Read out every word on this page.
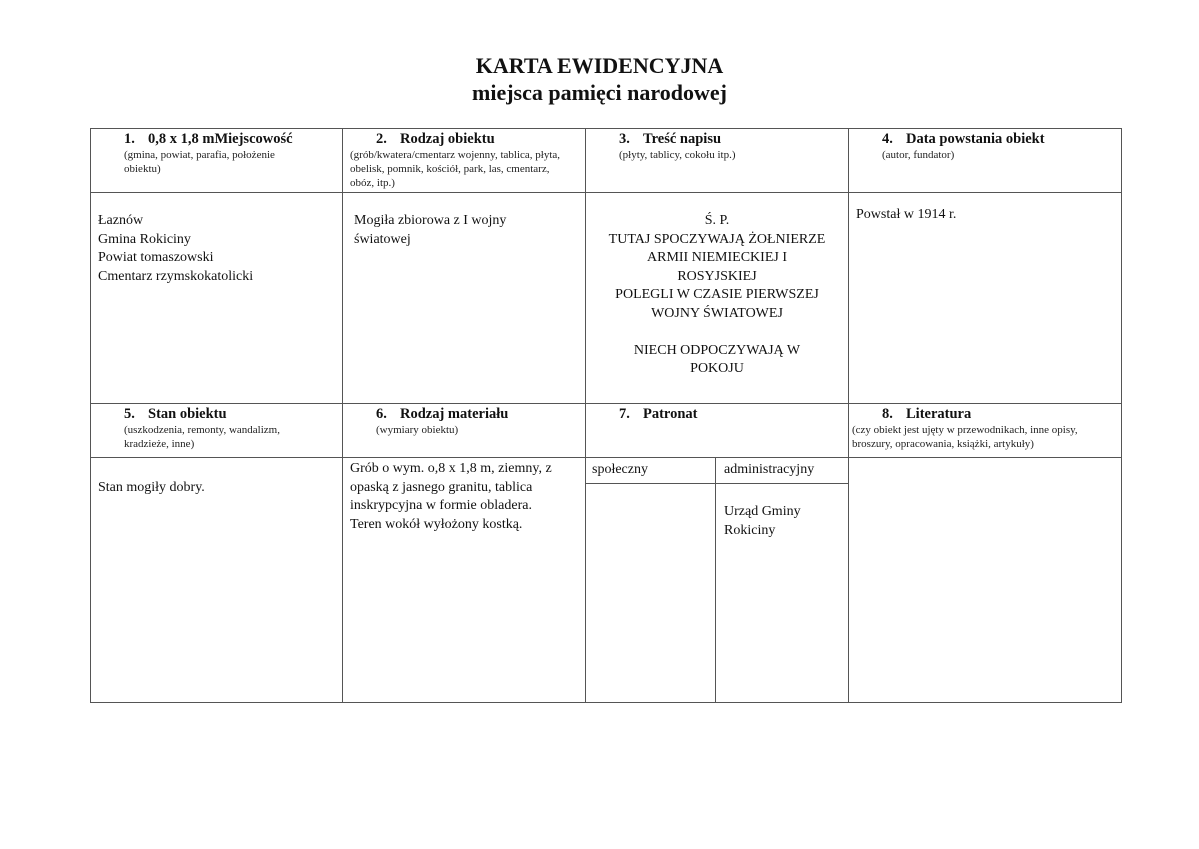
KARTA EWIDENCYJNA
miejsca pamięci narodowej
1. 0,8 x 1,8 mMiejscowość
(gmina, powiat, parafia, położenie obiektu)
2. Rodzaj obiektu
(grób/kwatera/cmentarz wojenny, tablica, płyta, obelisk, pomnik, kościół, park, las, cmentarz, obóz, itp.)
3. Treść napisu
(płyty, tablicy, cokołu itp.)
4. Data powstania obiekt
(autor, fundator)
Łaznów
Gmina Rokiciny
Powiat tomaszowski
Cmentarz rzymskokatolicki
Mogiła zbiorowa z I wojny światowej
Ś. P.
TUTAJ SPOCZYWAJĄ ŻOŁNIERZE
ARMII NIEMIECKIEJ I
ROSYJSKIEJ
POLEGLI W CZASIE PIERWSZEJ
WOJNY ŚWIATOWEJ
NIECH ODPOCZYWAJĄ W
POKOJU
Powstał w 1914 r.
5. Stan obiektu
(uszkodzenia, remonty, wandalizm, kradzieże, inne)
6. Rodzaj materiału
(wymiary obiektu)
7. Patronat	8. Literatura
(czy obiekt jest ujęty w przewodnikach, inne opisy, broszury, opracowania, książki, artykuły)
Stan mogiły dobry.
Grób o wym. o,8 x 1,8 m, ziemny, z
opaską z jasnego granitu, tablica
inskrypcyjna w formie obladera.
Teren wokół wyłożony kostką.
społeczny	administracyjny
Urząd Gminy
Rokiciny
